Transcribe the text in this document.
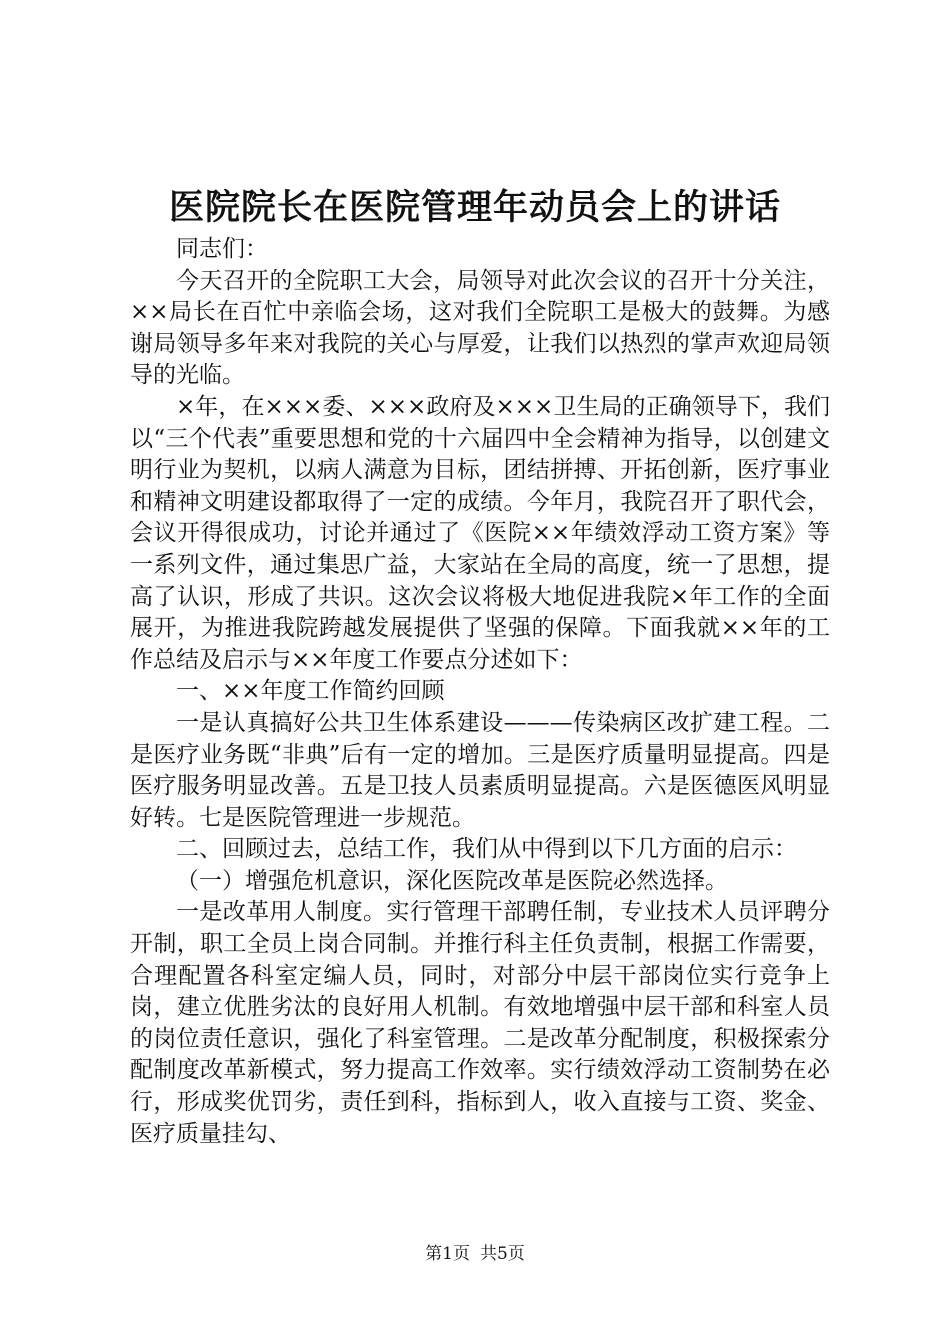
医院院长在医院管理年动员会上的讲话

同志们：

今天召开的全院职工大会，局领导对此次会议的召开十分关注，××局长在百忙中亲临会场，这对我们全院职工是极大的鼓舞。为感谢局领导多年来对我院的关心与厚爱，让我们以热烈的掌声欢迎局领导的光临。

×年，在×××委、×××政府及×××卫生局的正确领导下，我们以“三个代表”重要思想和党的十六届四中全会精神为指导，以创建文明行业为契机，以病人满意为目标，团结拼搏、开拓创新，医疗事业和精神文明建设都取得了一定的成绩。今年月，我院召开了职代会，会议开得很成功，讨论并通过了《医院××年绩效浮动工资方案》等一系列文件，通过集思广益，大家站在全局的高度，统一了思想，提高了认识，形成了共识。这次会议将极大地促进我院×年工作的全面展开，为推进我院跨越发展提供了坚强的保障。下面我就××年的工作总结及启示与××年度工作要点分述如下：

一、××年度工作简约回顾

一是认真搞好公共卫生体系建设———传染病区改扩建工程。二是医疗业务既“非典”后有一定的增加。三是医疗质量明显提高。四是医疗服务明显改善。五是卫技人员素质明显提高。六是医德医风明显好转。七是医院管理进一步规范。

二、回顾过去，总结工作，我们从中得到以下几方面的启示：

（一）增强危机意识，深化医院改革是医院必然选择。

一是改革用人制度。实行管理干部聘任制，专业技术人员评聘分开制，职工全员上岗合同制。并推行科主任负责制，根据工作需要，合理配置各科室定编人员，同时，对部分中层干部岗位实行竞争上岗，建立优胜劣汰的良好用人机制。有效地增强中层干部和科室人员的岗位责任意识，强化了科室管理。二是改革分配制度，积极探索分配制度改革新模式，努力提高工作效率。实行绩效浮动工资制势在必行，形成奖优罚劣，责任到科，指标到人，收入直接与工资、奖金、医疗质量挂勾、

第1页 共5页
